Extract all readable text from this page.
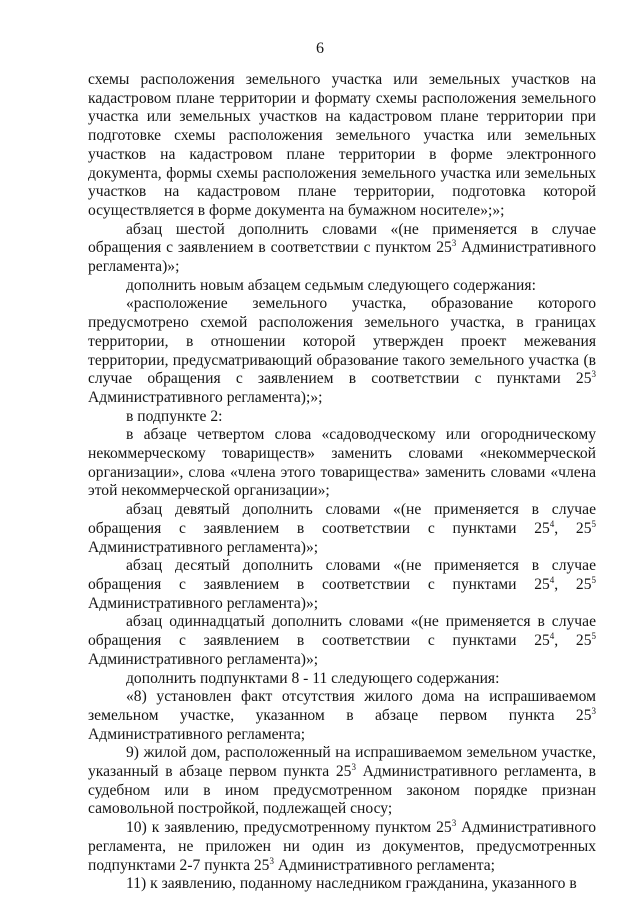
6

схемы расположения земельного участка или земельных участков на кадастровом плане территории и формату схемы расположения земельного участка или земельных участков на кадастровом плане территории при подготовке схемы расположения земельного участка или земельных участков на кадастровом плане территории в форме электронного документа, формы схемы расположения земельного участка или земельных участков на кадастровом плане территории, подготовка которой осуществляется в форме документа на бумажном носителе»;»;

абзац шестой дополнить словами «(не применяется в случае обращения с заявлением в соответствии с пунктом $25^3$ Административного регламента)»;

дополнить новым абзацем седьмым следующего содержания:

«расположение земельного участка, образование которого предусмотрено схемой расположения земельного участка, в границах территории, в отношении которой утвержден проект межевания территории, предусматривающий образование такого земельного участка (в случае обращения с заявлением в соответствии с пунктами $25^3$ Административного регламента);»;

в подпункте 2:

в абзаце четвертом слова «садоводческому или огородническому некоммерческому товариществ» заменить словами «некоммерческой организации», слова «члена этого товарищества» заменить словами «члена этой некоммерческой организации»;

абзац девятый дополнить словами «(не применяется в случае обращения с заявлением в соответствии с пунктами $25^4$, $25^5$ Административного регламента)»;

абзац десятый дополнить словами «(не применяется в случае обращения с заявлением в соответствии с пунктами $25^4$, $25^5$ Административного регламента)»;

абзац одиннадцатый дополнить словами «(не применяется в случае обращения с заявлением в соответствии с пунктами $25^4$, $25^5$ Административного регламента)»;

дополнить подпунктами 8 - 11 следующего содержания:

«8) установлен факт отсутствия жилого дома на испрашиваемом земельном участке, указанном в абзаце первом пункта $25^3$ Административного регламента;

9) жилой дом, расположенный на испрашиваемом земельном участке, указанный в абзаце первом пункта $25^3$ Административного регламента, в судебном или в ином предусмотренном законом порядке признан самовольной постройкой, подлежащей сносу;

10) к заявлению, предусмотренному пунктом $25^3$ Административного регламента, не приложен ни один из документов, предусмотренных подпунктами 2-7 пункта $25^3$ Административного регламента;

11) к заявлению, поданному наследником гражданина, указанного в
